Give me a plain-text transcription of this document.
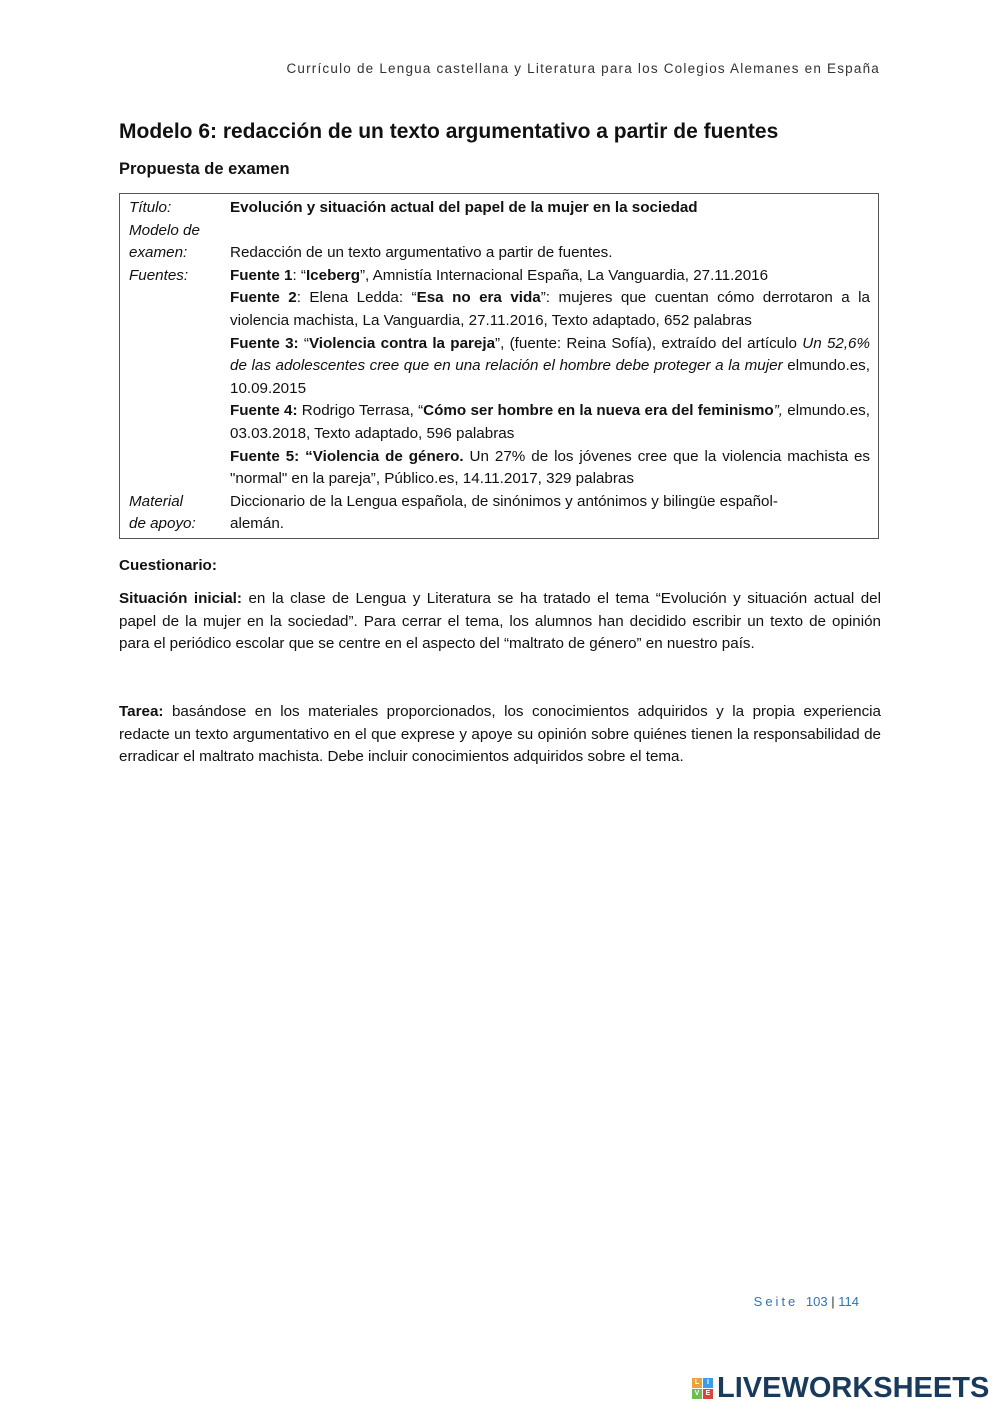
Currículo de Lengua castellana y Literatura para los Colegios Alemanes en España
Modelo 6: redacción de un texto argumentativo a partir de fuentes
Propuesta de examen
Título:	Evolución y situación actual del papel de la mujer en la sociedad
Modelo de
examen:	Redacción de un texto argumentativo a partir de fuentes.
Fuentes:	Fuente 1: “Iceberg”, Amnistía Internacional España, La Vanguardia, 27.11.2016
Fuente 2: Elena Ledda: “Esa no era vida”: mujeres que cuentan cómo derrotaron a la violencia machista, La Vanguardia, 27.11.2016, Texto adaptado, 652 palabras
Fuente 3: “Violencia contra la pareja”, (fuente: Reina Sofía), extraído del artículo Un 52,6% de las adolescentes cree que en una relación el hombre debe proteger a la mujer elmundo.es, 10.09.2015
Fuente 4: Rodrigo Terrasa, “Cómo ser hombre en la nueva era del feminismo”, elmundo.es, 03.03.2018, Texto adaptado, 596 palabras
Fuente 5: “Violencia de género. Un 27% de los jóvenes cree que la violencia machista es "normal" en la pareja”, Público.es, 14.11.2017, 329 palabras
Material	Diccionario de la Lengua española, de sinónimos y antónimos y bilingüe español-
de apoyo:	alemán.
Cuestionario:
Situación inicial: en la clase de Lengua y Literatura se ha tratado el tema “Evolución y situación actual del papel de la mujer en la sociedad”. Para cerrar el tema, los alumnos han decidido escribir un texto de opinión para el periódico escolar que se centre en el aspecto del “maltrato de género” en nuestro país.
Tarea: basándose en los materiales proporcionados, los conocimientos adquiridos y la propia experiencia redacte un texto argumentativo en el que exprese y apoye su opinión sobre quiénes tienen la responsabilidad de erradicar el maltrato machista. Debe incluir conocimientos adquiridos sobre el tema.
Seite 103 | 114
L	I
V E LIVEWORKSHEETS
